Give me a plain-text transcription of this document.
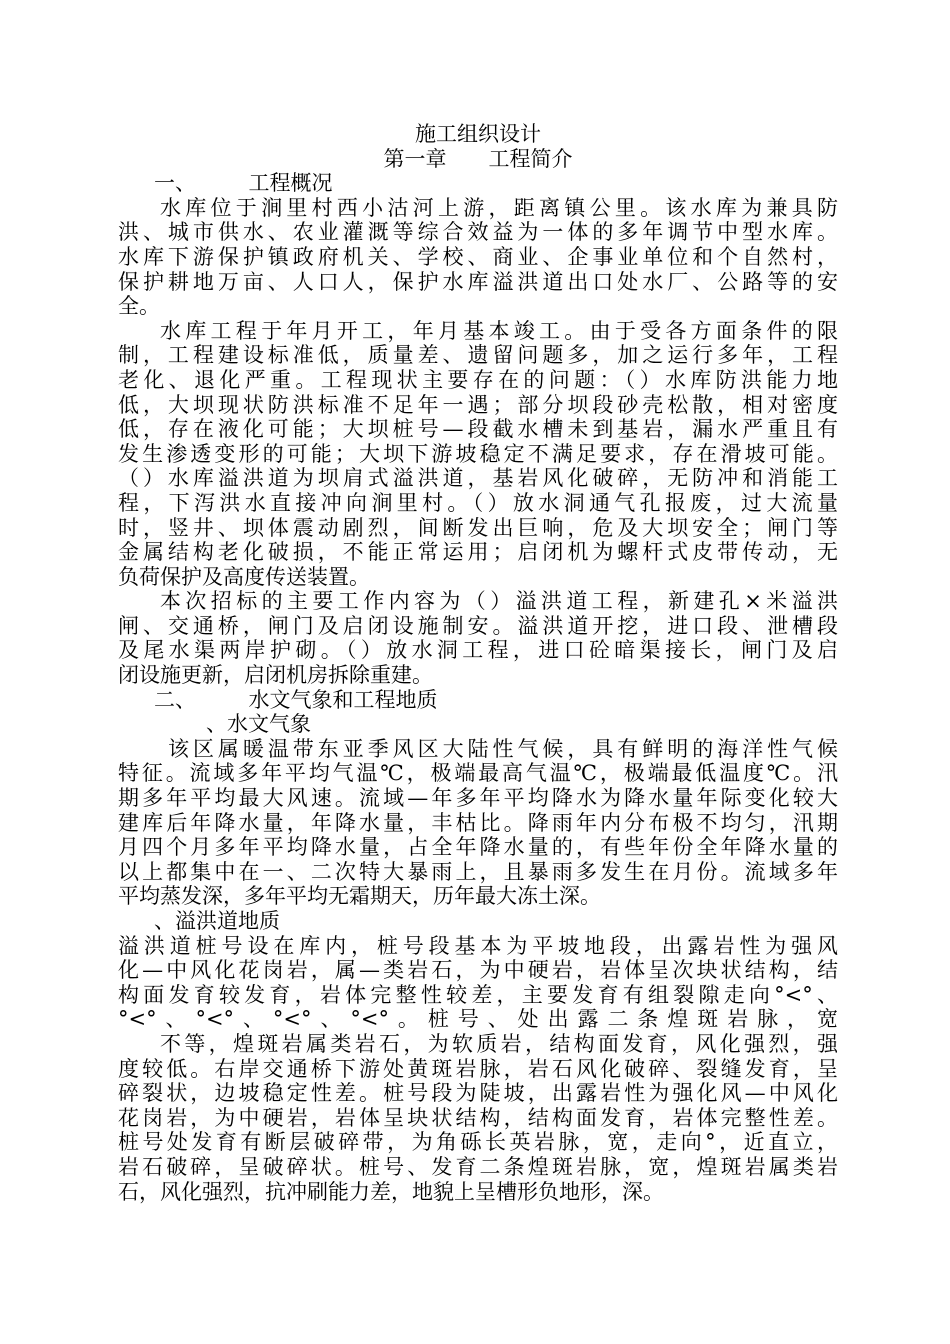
施工组织设计
第一章　　工程简介
一、　　　工程概况
水库位于涧里村西小沽河上游，距离镇公里。该水库为兼具防
洪、城市供水、农业灌溉等综合效益为一体的多年调节中型水库。
水库下游保护镇政府机关、学校、商业、企事业单位和个自然村，
保护耕地万亩、人口人，保护水库溢洪道出口处水厂、公路等的安
全。
水库工程于年月开工，年月基本竣工。由于受各方面条件的限
制，工程建设标准低，质量差、遗留问题多，加之运行多年，工程
老化、退化严重。工程现状主要存在的问题：（）水库防洪能力地
低，大坝现状防洪标准不足年一遇；部分坝段砂壳松散，相对密度
低，存在液化可能；大坝桩号—段截水槽未到基岩，漏水严重且有
发生渗透变形的可能；大坝下游坡稳定不满足要求，存在滑坡可能。
（）水库溢洪道为坝肩式溢洪道，基岩风化破碎，无防冲和消能工
程，下泻洪水直接冲向涧里村。（）放水洞通气孔报废，过大流量
时，竖井、坝体震动剧烈，间断发出巨响，危及大坝安全；闸门等
金属结构老化破损，不能正常运用；启闭机为螺杆式皮带传动，无
负荷保护及高度传送装置。
本次招标的主要工作内容为（）溢洪道工程，新建孔×米溢洪
闸、交通桥，闸门及启闭设施制安。溢洪道开挖，进口段、泄槽段
及尾水渠两岸护砌。（）放水洞工程，进口砼暗渠接长，闸门及启
闭设施更新，启闭机房拆除重建。
二、　　　水文气象和工程地质
、水文气象
该区属暖温带东亚季风区大陆性气候，具有鲜明的海洋性气候
特征。流域多年平均气温℃，极端最高气温℃，极端最低温度℃。汛
期多年平均最大风速。流域—年多年平均降水为降水量年际变化较大
建库后年降水量，年降水量，丰枯比。降雨年内分布极不均匀，汛期
月四个月多年平均降水量，占全年降水量的，有些年份全年降水量的
以上都集中在一、二次特大暴雨上，且暴雨多发生在月份。流域多年
平均蒸发深，多年平均无霜期天，历年最大冻土深。
、溢洪道地质
溢洪道桩号设在库内，桩号段基本为平坡地段，出露岩性为强风
化—中风化花岗岩，属—类岩石，为中硬岩，岩体呈次块状结构，结
构面发育较发育，岩体完整性较差，主要发育有组裂隙走向°<°、
°<°、°<°、°<°、°<°。桩号、处出露二条煌斑岩脉，宽
不等，煌斑岩属类岩石，为软质岩，结构面发育，风化强烈，强
度较低。右岸交通桥下游处黄斑岩脉，岩石风化破碎、裂缝发育，呈
碎裂状，边坡稳定性差。桩号段为陡坡，出露岩性为强化风—中风化
花岗岩，为中硬岩，岩体呈块状结构，结构面发育，岩体完整性差。
桩号处发育有断层破碎带，为角砾长英岩脉，宽，走向°，近直立，
岩石破碎，呈破碎状。桩号、发育二条煌斑岩脉，宽，煌斑岩属类岩
石，风化强烈，抗冲刷能力差，地貌上呈槽形负地形，深。
